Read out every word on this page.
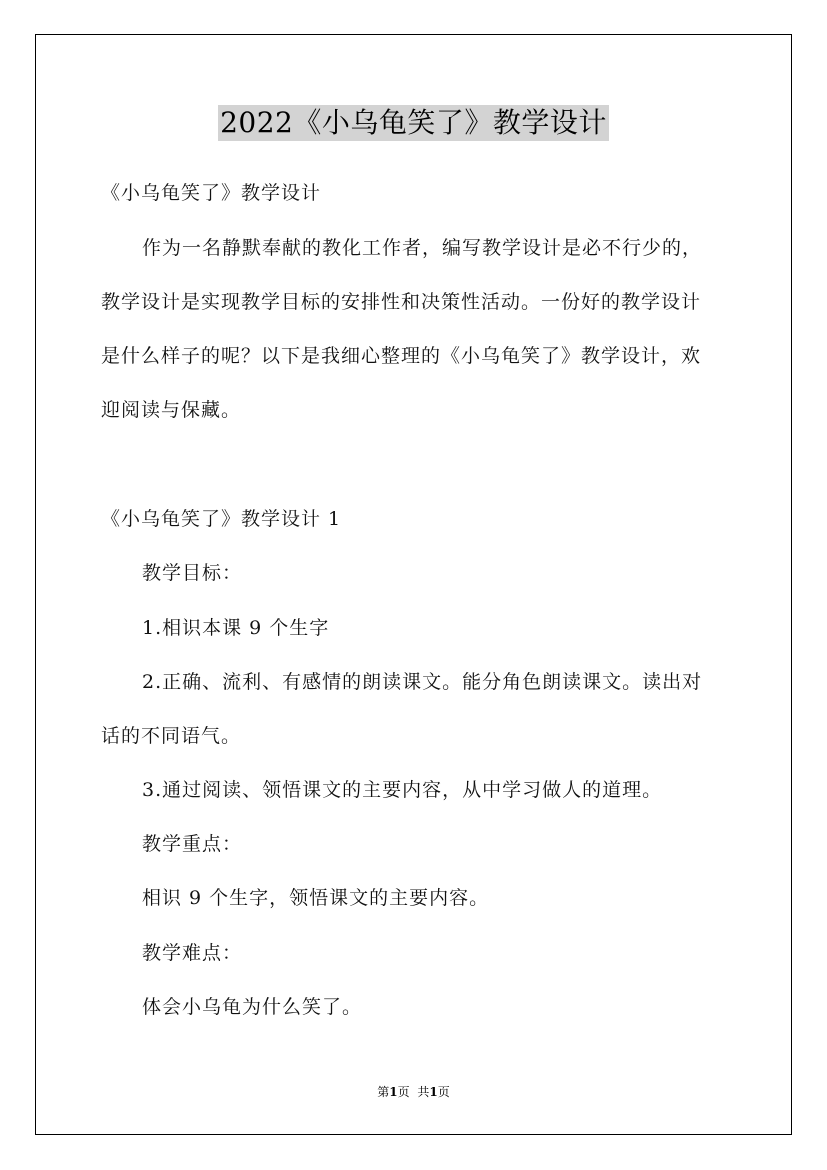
2022《小乌龟笑了》教学设计
《小乌龟笑了》教学设计
作为一名静默奉献的教化工作者，编写教学设计是必不行少的，
教学设计是实现教学目标的安排性和决策性活动。一份好的教学设计
是什么样子的呢？以下是我细心整理的《小乌龟笑了》教学设计，欢
迎阅读与保藏。
《小乌龟笑了》教学设计 1
教学目标：
1.相识本课 9 个生字
2.正确、流利、有感情的朗读课文。能分角色朗读课文。读出对
话的不同语气。
3.通过阅读、领悟课文的主要内容，从中学习做人的道理。
教学重点：
相识 9 个生字，领悟课文的主要内容。
教学难点：
体会小乌龟为什么笑了。
第1页 共1页
